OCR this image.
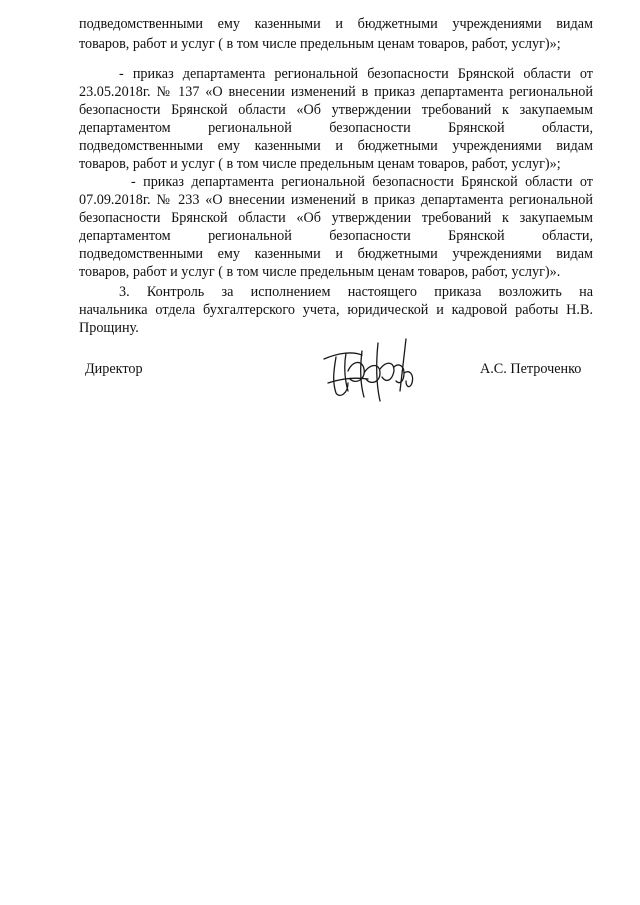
подведомственными ему казенными и бюджетными учреждениями видам

товаров, работ и услуг ( в том числе предельным ценам товаров, работ, услуг)»;

- приказ департамента региональной безопасности Брянской области от

23.05.2018г. № 137 «О внесении изменений в приказ департамента региональной

безопасности Брянской области «Об утверждении требований к закупаемым

департаментом региональной безопасности Брянской области,

подведомственными ему казенными и бюджетными учреждениями видам

товаров, работ и услуг ( в том числе предельным ценам товаров, работ, услуг)»;

- приказ департамента региональной безопасности Брянской области от

07.09.2018г. № 233 «О внесении изменений в приказ департамента региональной

безопасности Брянской области «Об утверждении требований к закупаемым

департаментом региональной безопасности Брянской области,

подведомственными ему казенными и бюджетными учреждениями видам

товаров, работ и услуг ( в том числе предельным ценам товаров, работ, услуг)».

3. Контроль за исполнением настоящего приказа возложить на

начальника отдела бухгалтерского учета, юридической и кадровой работы Н.В.

Прощину.

Директор	А.С. Петроченко
